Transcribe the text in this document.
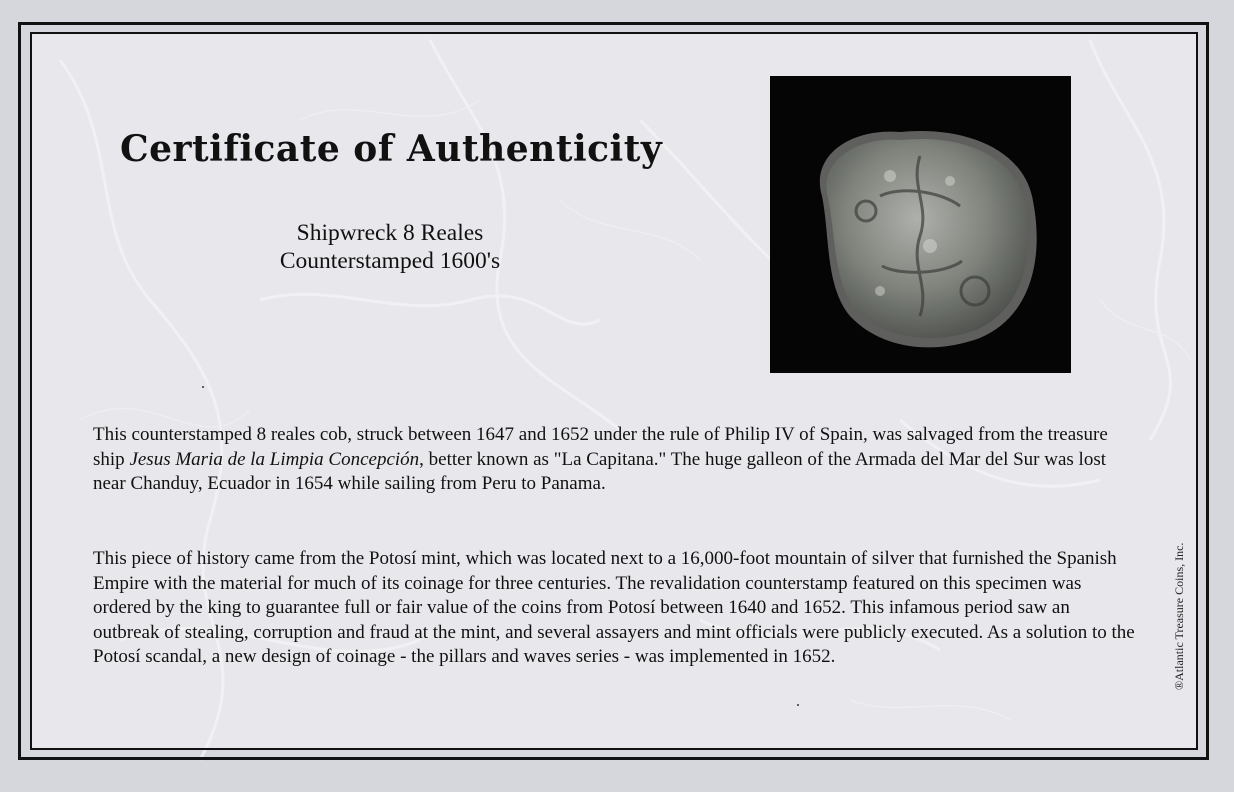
Certificate of Authenticity
Shipwreck 8 Reales
Counterstamped 1600's
This counterstamped 8 reales cob, struck between 1647 and 1652 under the rule of Philip IV of Spain, was salvaged from the treasure ship Jesus Maria de la Limpia Concepción, better known as "La Capitana." The huge galleon of the Armada del Mar del Sur was lost near Chanduy, Ecuador in 1654 while sailing from Peru to Panama.
This piece of history came from the Potosí mint, which was located next to a 16,000-foot mountain of silver that furnished the Spanish Empire with the material for much of its coinage for three centuries. The revalidation counterstamp featured on this specimen was ordered by the king to guarantee full or fair value of the coins from Potosí between 1640 and 1652. This infamous period saw an outbreak of stealing, corruption and fraud at the mint, and several assayers and mint officials were publicly executed. As a solution to the Potosí scandal, a new design of coinage - the pillars and waves series - was implemented in 1652.	®Atlantic Treasure Coins, Inc.
